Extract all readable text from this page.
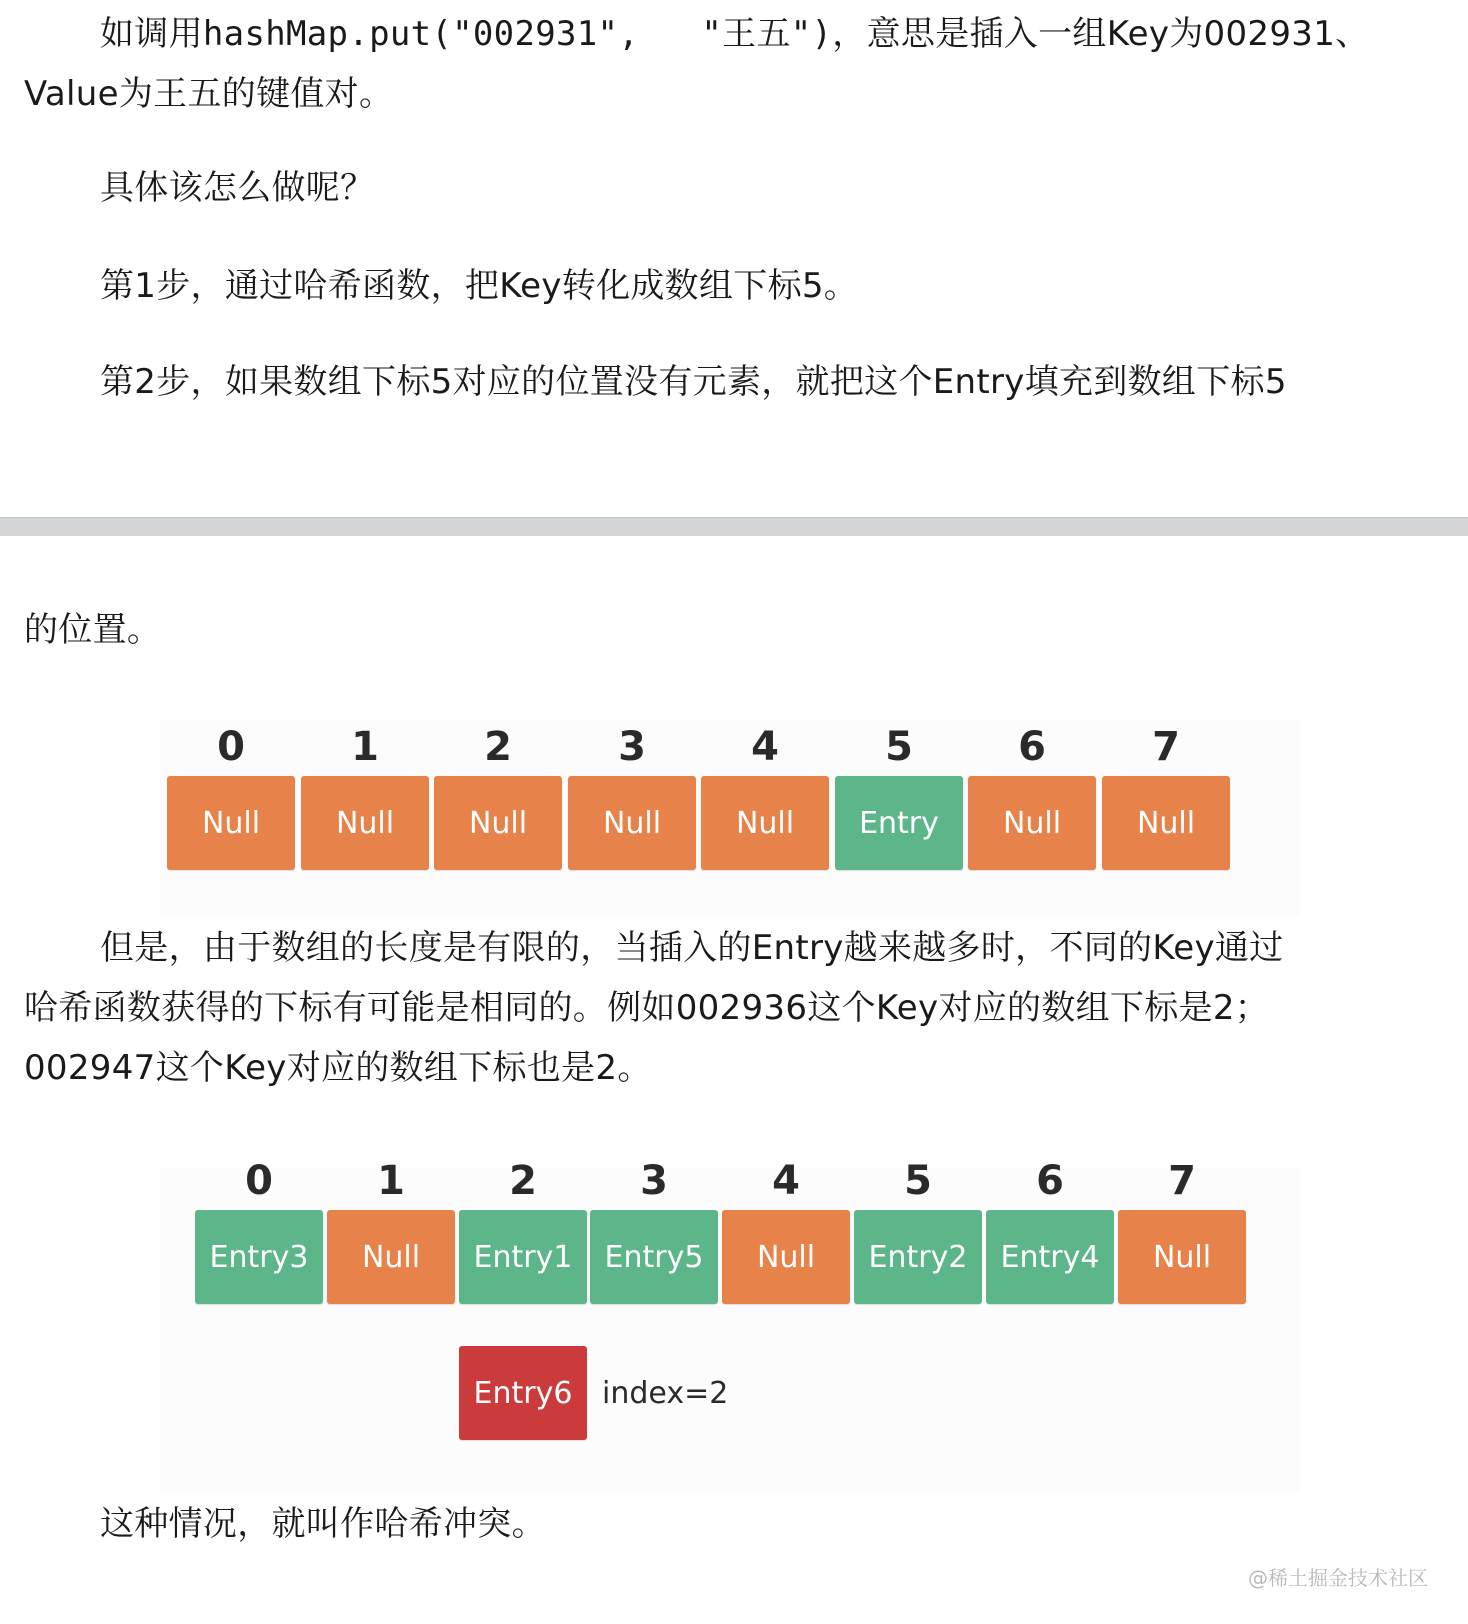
如调用hashMap.put("002931",   "王五")，意思是插入一组Key为002931、

Value为王五的键值对。

具体该怎么做呢？

第1步，通过哈希函数，把Key转化成数组下标5。

第2步，如果数组下标5对应的位置没有元素，就把这个Entry填充到数组下标5

的位置。

0	1	2	3	4	5	6	7
Null	Null	Null	Null	Null	Entry	Null	Null

但是，由于数组的长度是有限的，当插入的Entry越来越多时，不同的Key通过

哈希函数获得的下标有可能是相同的。例如002936这个Key对应的数组下标是2；

002947这个Key对应的数组下标也是2。

0	1	2	3	4	5	6	7
Entry3	Null	Entry1	Entry5	Null	Entry2	Entry4	Null
Entry6 index=2

这种情况，就叫作哈希冲突。

@稀土掘金技术社区
